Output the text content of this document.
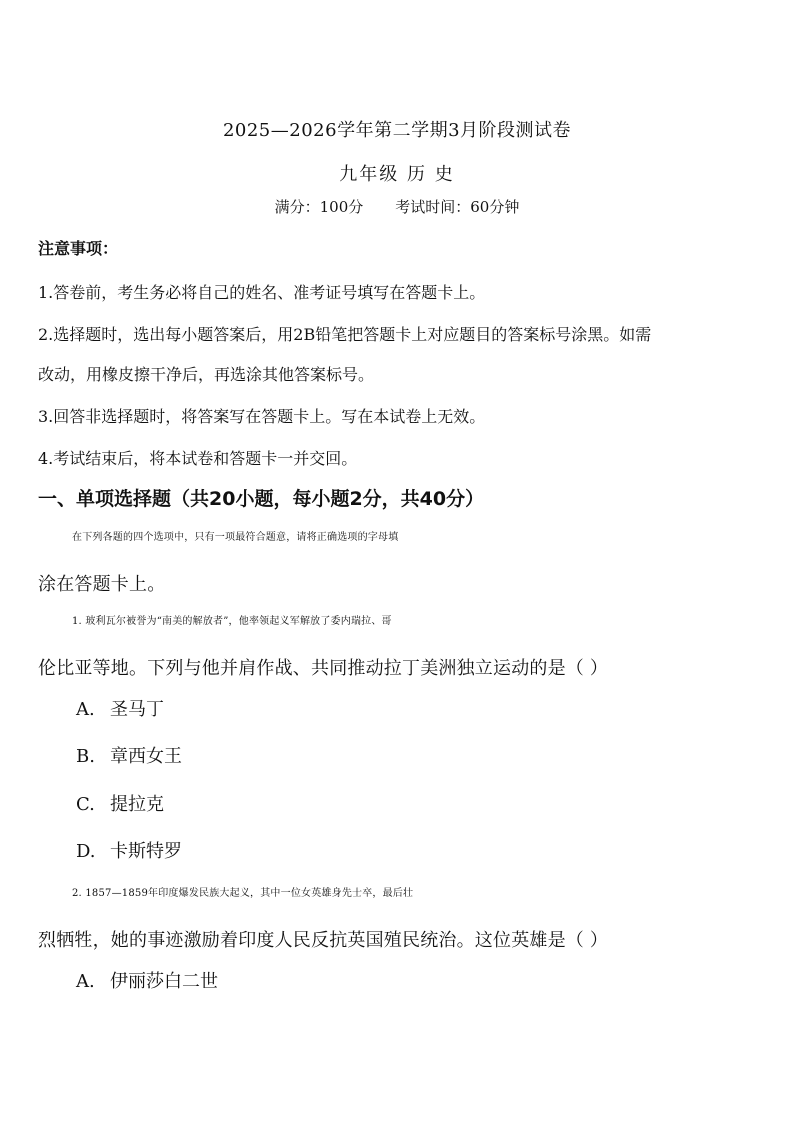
2025—2026学年第二学期3月阶段测试卷
九年级 历 史
满分：100分 考试时间：60分钟
注意事项：
1.答卷前，考生务必将自己的姓名、准考证号填写在答题卡上。
2.选择题时，选出每小题答案后，用2B铅笔把答题卡上对应题目的答案标号涂黑。如需
改动，用橡皮擦干净后，再选涂其他答案标号。
3.回答非选择题时，将答案写在答题卡上。写在本试卷上无效。
4.考试结束后，将本试卷和答题卡一并交回。
一、单项选择题（共20小题，每小题2分，共40分）
在下列各题的四个选项中，只有一项最符合题意，请将正确选项的字母填
涂在答题卡上。
1. 玻利瓦尔被誉为“南美的解放者”，他率领起义军解放了委内瑞拉、哥
伦比亚等地。下列与他并肩作战、共同推动拉丁美洲独立运动的是（ ）
A. 圣马丁
B. 章西女王
C. 提拉克
D. 卡斯特罗
2. 1857—1859年印度爆发民族大起义，其中一位女英雄身先士卒，最后壮
烈牺牲，她的事迹激励着印度人民反抗英国殖民统治。这位英雄是（ ）
A. 伊丽莎白二世
